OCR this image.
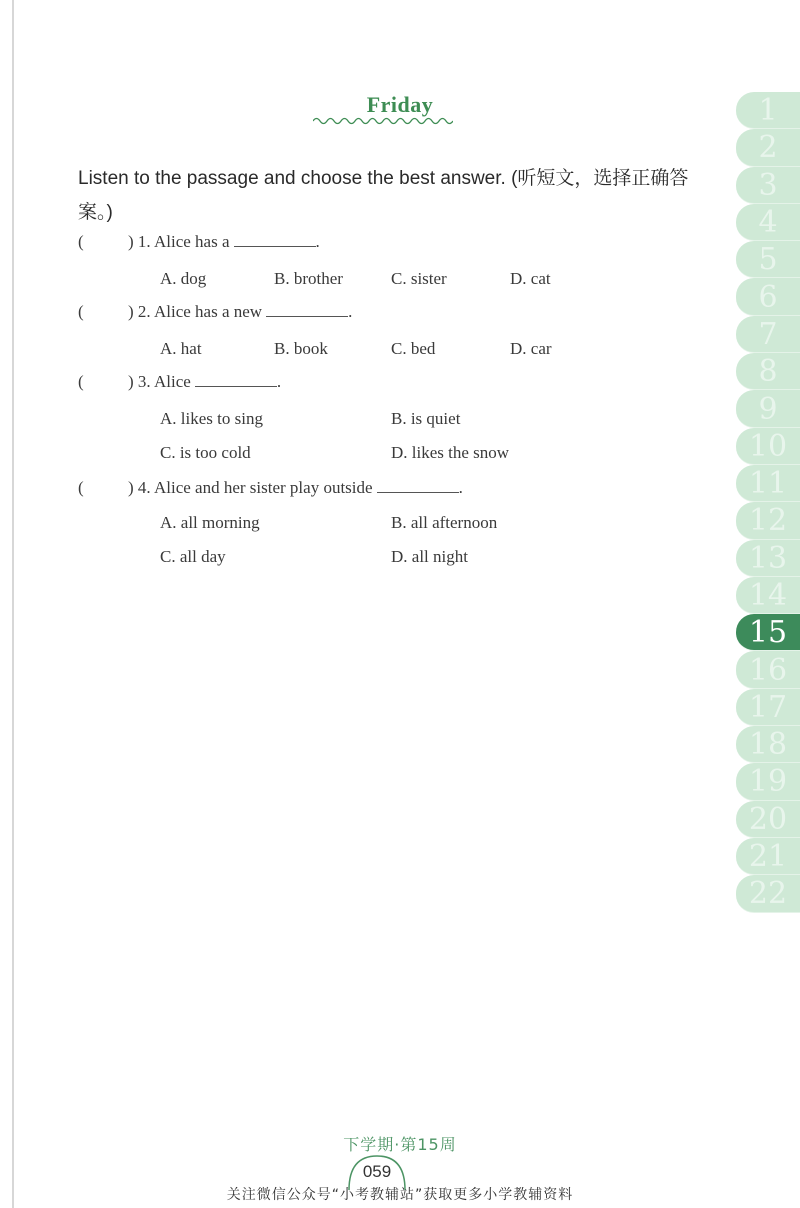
Friday
Listen to the passage and choose the best answer. (听短文，选择正确答案。)
(	) 1. Alice has a	.
A. dog	B. brother	C. sister	D. cat
(	) 2. Alice has a new	.
A. hat	B. book	C. bed	D. car
(	) 3. Alice	.
A. likes to sing	B. is quiet
C. is too cold	D. likes the snow
(	) 4. Alice and her sister play outside	.
A. all morning	B. all afternoon
C. all day	D. all night
1
2
3
4
5
6
7
8
9
10
11
12
13
14
15
16
17
18
19
20
21
22
下学期·第15周
059
关注微信公众号“小考教辅站”获取更多小学教辅资料
